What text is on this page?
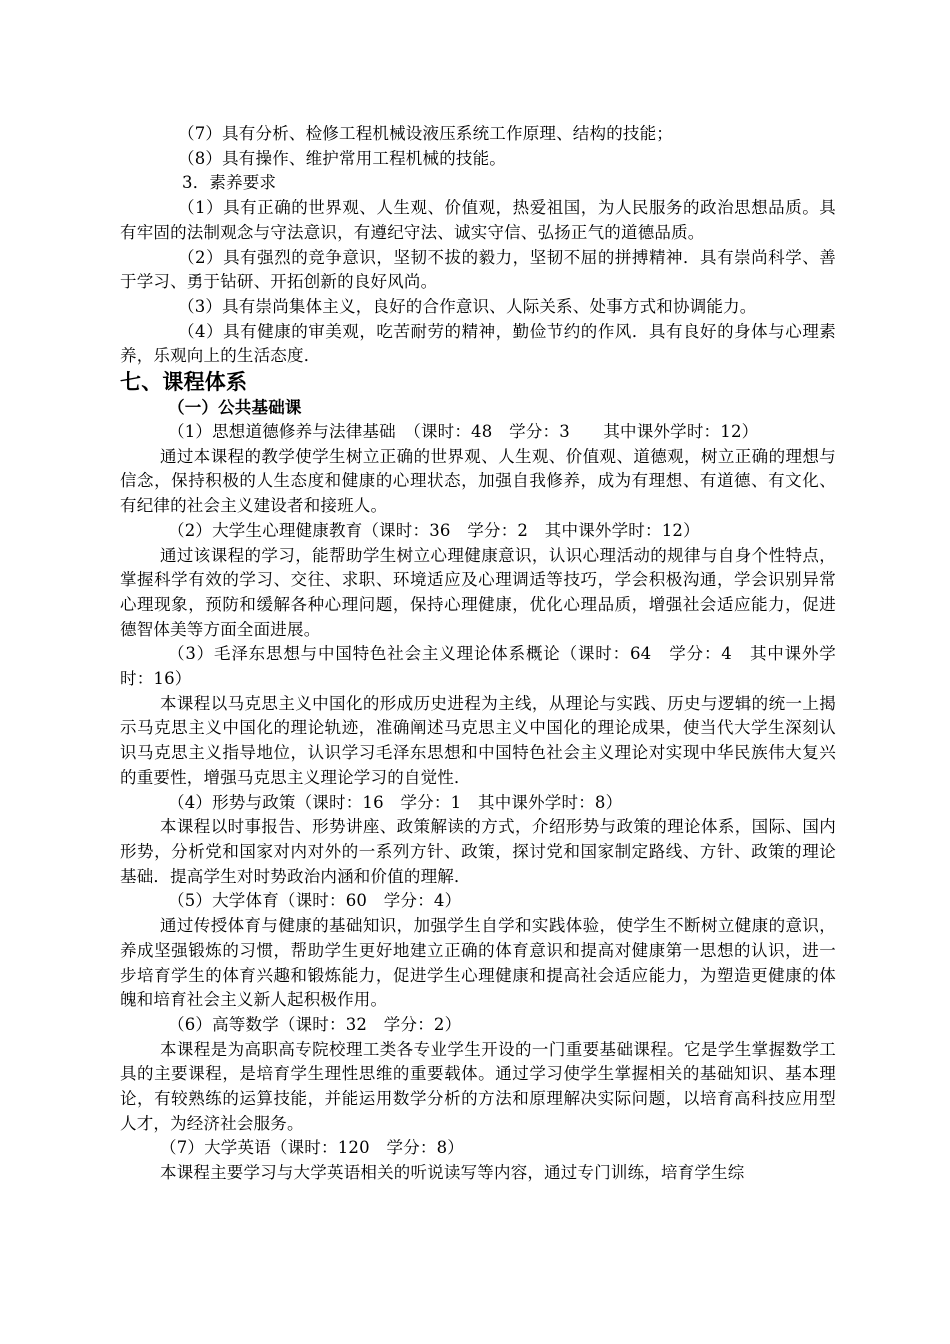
（7）具有分析、检修工程机械设液压系统工作原理、结构的技能；

（8）具有操作、维护常用工程机械的技能。

3．素养要求

（1）具有正确的世界观、人生观、价值观，热爱祖国，为人民服务的政治思想品质。具有牢固的法制观念与守法意识，有遵纪守法、诚实守信、弘扬正气的道德品质。

（2）具有强烈的竞争意识，坚韧不拔的毅力，坚韧不屈的拼搏精神．具有崇尚科学、善于学习、勇于钻研、开拓创新的良好风尚。

（3）具有崇尚集体主义，良好的合作意识、人际关系、处事方式和协调能力。

（4）具有健康的审美观，吃苦耐劳的精神，勤俭节约的作风．具有良好的身体与心理素养，乐观向上的生活态度．

七、课程体系

（一）公共基础课

（1）思想道德修养与法律基础　（课时：48　学分：3　　其中课外学时：12）

通过本课程的教学使学生树立正确的世界观、人生观、价值观、道德观，树立正确的理想与信念，保持积极的人生态度和健康的心理状态，加强自我修养，成为有理想、有道德、有文化、有纪律的社会主义建设者和接班人。

（2）大学生心理健康教育（课时：36　学分：2　其中课外学时：12）

通过该课程的学习，能帮助学生树立心理健康意识，认识心理活动的规律与自身个性特点，掌握科学有效的学习、交往、求职、环境适应及心理调适等技巧，学会积极沟通，学会识别异常心理现象，预防和缓解各种心理问题，保持心理健康，优化心理品质，增强社会适应能力，促进德智体美等方面全面进展。

（3）毛泽东思想与中国特色社会主义理论体系概论（课时：64　学分：4　其中课外学时：16）

本课程以马克思主义中国化的形成历史进程为主线，从理论与实践、历史与逻辑的统一上揭示马克思主义中国化的理论轨迹，准确阐述马克思主义中国化的理论成果，使当代大学生深刻认识马克思主义指导地位，认识学习毛泽东思想和中国特色社会主义理论对实现中华民族伟大复兴的重要性，增强马克思主义理论学习的自觉性．

（4）形势与政策（课时：16　学分：1　其中课外学时：8）

本课程以时事报告、形势讲座、政策解读的方式，介绍形势与政策的理论体系，国际、国内形势，分析党和国家对内对外的一系列方针、政策，探讨党和国家制定路线、方针、政策的理论基础．提高学生对时势政治内涵和价值的理解．

（5）大学体育（课时：60　学分：4）

通过传授体育与健康的基础知识，加强学生自学和实践体验，使学生不断树立健康的意识，养成坚强锻炼的习惯，帮助学生更好地建立正确的体育意识和提高对健康第一思想的认识，进一步培育学生的体育兴趣和锻炼能力，促进学生心理健康和提高社会适应能力，为塑造更健康的体魄和培育社会主义新人起积极作用。

（6）高等数学（课时：32　学分：2）

本课程是为高职高专院校理工类各专业学生开设的一门重要基础课程。它是学生掌握数学工具的主要课程，是培育学生理性思维的重要载体。通过学习使学生掌握相关的基础知识、基本理论，有较熟练的运算技能，并能运用数学分析的方法和原理解决实际问题，以培育高科技应用型人才，为经济社会服务。

（7）大学英语（课时：120　学分：8）

本课程主要学习与大学英语相关的听说读写等内容，通过专门训练，培育学生综
